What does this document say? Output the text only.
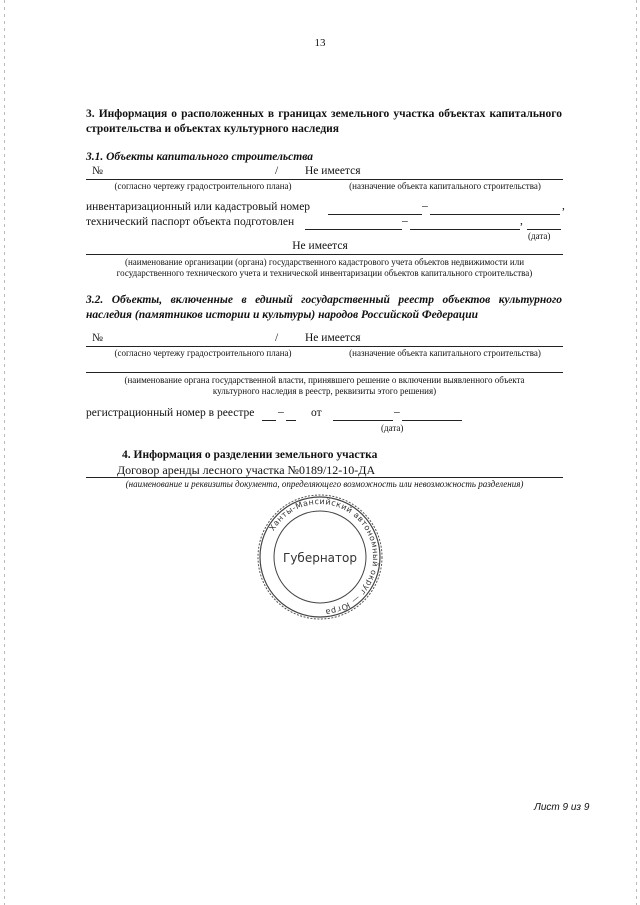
13
3. Информация о расположенных в границах земельного участка объектах капитального строительства и объектах культурного наследия
3.1. Объекты капитального строительства
№	/ Не имеется
(согласно чертежу градостроительного плана)	(назначение объекта капитального строительства)
инвентаризационный или кадастровый номер	–	,
технический паспорт объекта подготовлен	–	,
(дата)
Не имеется
(наименование организации (органа) государственного кадастрового учета объектов недвижимости или
государственного технического учета и технической инвентаризации объектов капитального строительства)
3.2. Объекты, включенные в единый государственный реестр объектов культурного наследия (памятников истории и культуры) народов Российской Федерации
№	/ Не имеется
(согласно чертежу градостроительного плана)	(назначение объекта капитального строительства)
(наименование органа государственной власти, принявшего решение о включении выявленного объекта
культурного наследия в реестр, реквизиты этого решения)
регистрационный номер в реестре – от	–
(дата)
4. Информация о разделении земельного участка
Договор аренды лесного участка №0189/12-10-ДА
(наименование и реквизиты документа, определяющего возможность или невозможность разделения)
Ханты-Мансийский автономный округ — Югра
Губернатор
Лист 9 из 9
